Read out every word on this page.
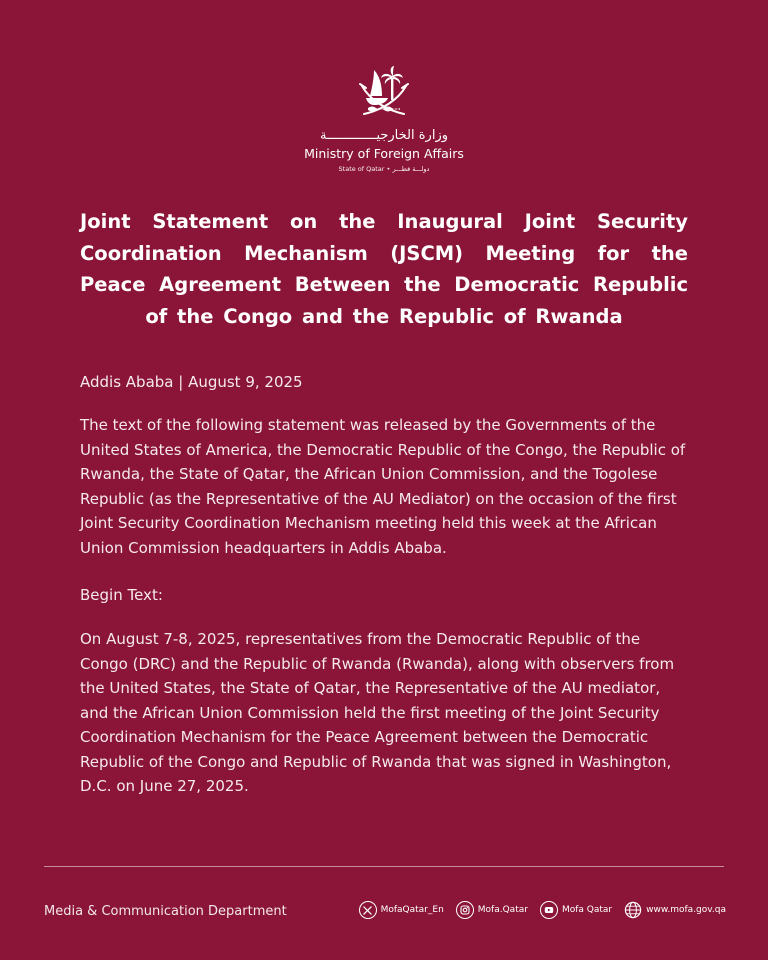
وزارة الخارجيـــــــــــــة
Ministry of Foreign Affairs
State of Qatar • دولـــة قطـــر
Joint Statement on the Inaugural Joint Security Coordination Mechanism (JSCM) Meeting for the Peace Agreement Between the Democratic Republic of the Congo and the Republic of Rwanda
Addis Ababa | August 9, 2025
The text of the following statement was released by the Governments of the United States of America, the Democratic Republic of the Congo, the Republic of Rwanda, the State of Qatar, the African Union Commission, and the Togolese Republic (as the Representative of the AU Mediator) on the occasion of the first Joint Security Coordination Mechanism meeting held this week at the African Union Commission headquarters in Addis Ababa.
Begin Text:
On August 7-8, 2025, representatives from the Democratic Republic of the Congo (DRC) and the Republic of Rwanda (Rwanda), along with observers from the United States, the State of Qatar, the Representative of the AU mediator, and the African Union Commission held the first meeting of the Joint Security Coordination Mechanism for the Peace Agreement between the Democratic Republic of the Congo and Republic of Rwanda that was signed in Washington, D.C. on June 27, 2025.
Media & Communication Department	MofaQatar_En	Mofa.Qatar	Mofa Qatar	www.mofa.gov.qa
